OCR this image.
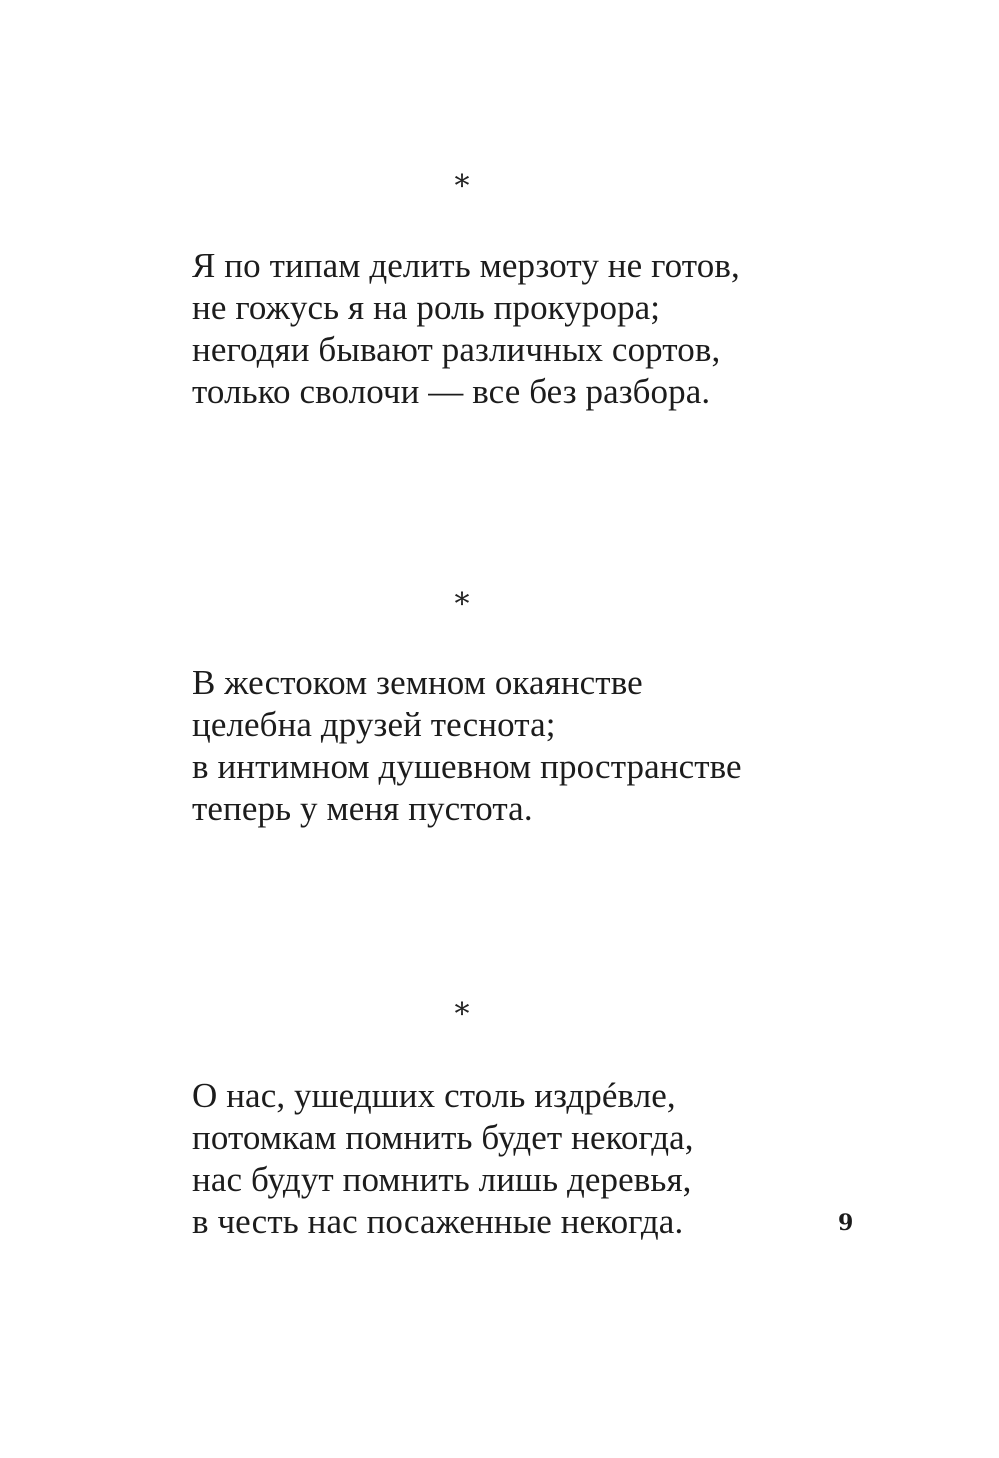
*
Я по типам делить мерзоту не готов,
не гожусь я на роль прокурора;
негодяи бывают различных сортов,
только сволочи — все без разбора.
*
В жестоком земном окаянстве
целебна друзей теснота;
в интимном душевном пространстве
теперь у меня пустота.
*
О нас, ушедших столь издрéвле,
потомкам помнить будет некогда,
нас будут помнить лишь деревья,
в честь нас посаженные некогда.	9
